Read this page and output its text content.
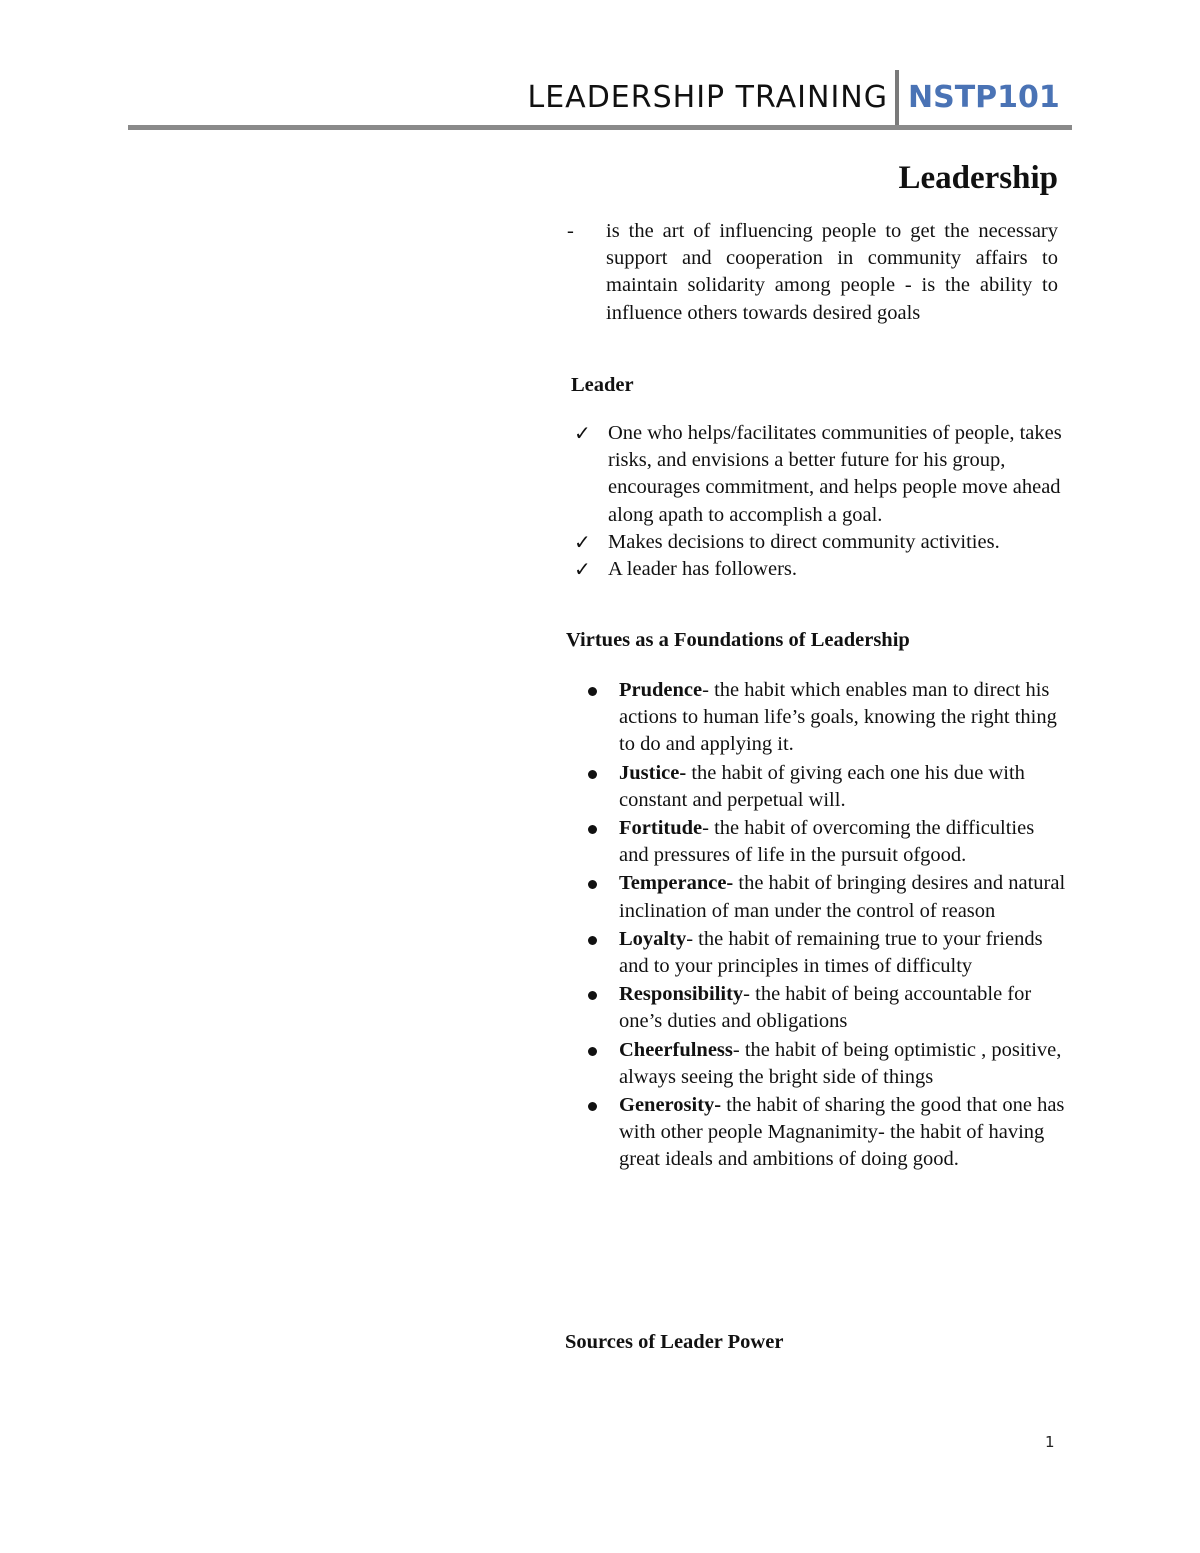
LEADERSHIP TRAINING NSTP101
Leadership
- is the art of influencing people to get the necessary support and cooperation in community affairs to maintain solidarity among people - is the ability to influence others towards desired goals
Leader
✓ One who helps/facilitates communities of people, takes risks, and envisions a better future for his group, encourages commitment, and helps people move ahead along apath to accomplish a goal.
✓ Makes decisions to direct community activities.
✓ A leader has followers.
Virtues as a Foundations of Leadership
Prudence- the habit which enables man to direct his actions to human life’s goals, knowing the right thing to do and applying it.
Justice- the habit of giving each one his due with constant and perpetual will.
Fortitude- the habit of overcoming the difficulties and pressures of life in the pursuit ofgood.
Temperance- the habit of bringing desires and natural inclination of man under the control of reason
Loyalty- the habit of remaining true to your friends and to your principles in times of difficulty
Responsibility- the habit of being accountable for one’s duties and obligations
Cheerfulness- the habit of being optimistic , positive, always seeing the bright side of things
Generosity- the habit of sharing the good that one has with other people Magnanimity- the habit of having great ideals and ambitions of doing good.
Sources of Leader Power
1
